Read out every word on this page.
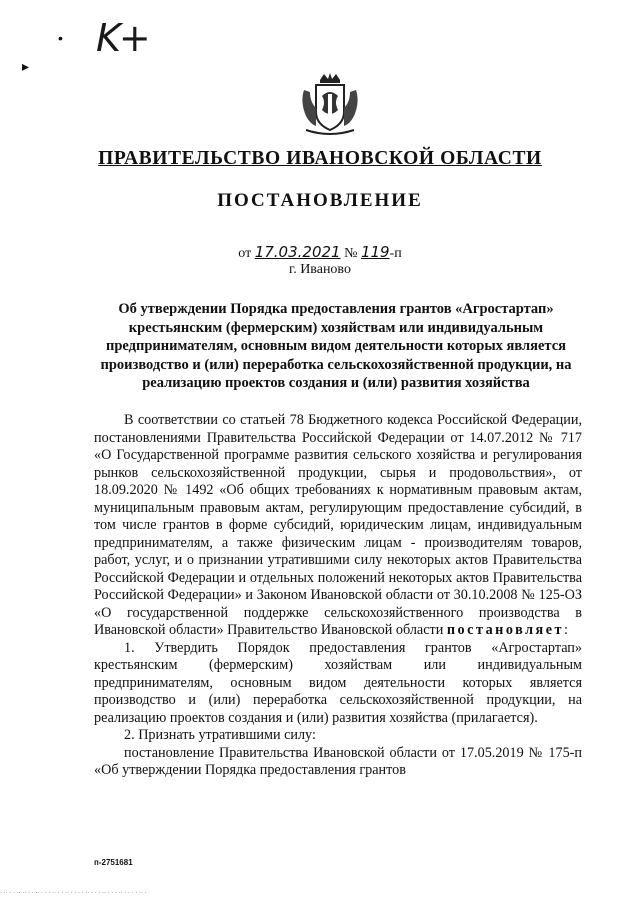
•
▸
K+
ПРАВИТЕЛЬСТВО ИВАНОВСКОЙ ОБЛАСТИ
ПОСТАНОВЛЕНИЕ
от 17.03.2021 № 119-п
г. Иваново
Об утверждении Порядка предоставления грантов «Агростартап» крестьянским (фермерским) хозяйствам или индивидуальным предпринимателям, основным видом деятельности которых является производство и (или) переработка сельскохозяйственной продукции, на реализацию проектов создания и (или) развития хозяйства

В соответствии со статьей 78 Бюджетного кодекса Российской Федерации, постановлениями Правительства Российской Федерации от 14.07.2012 № 717 «О Государственной программе развития сельского хозяйства и регулирования рынков сельскохозяйственной продукции, сырья и продовольствия», от 18.09.2020 № 1492 «Об общих требованиях к нормативным правовым актам, муниципальным правовым актам, регулирующим предоставление субсидий, в том числе грантов в форме субсидий, юридическим лицам, индивидуальным предпринимателям, а также физическим лицам - производителям товаров, работ, услуг, и о признании утратившими силу некоторых актов Правительства Российской Федерации и отдельных положений некоторых актов Правительства Российской Федерации» и Законом Ивановской области от 30.10.2008 № 125-ОЗ «О государственной поддержке сельскохозяйственного производства в Ивановской области» Правительство Ивановской области постановляет:

1. Утвердить Порядок предоставления грантов «Агростартап» крестьянским (фермерским) хозяйствам или индивидуальным предпринимателям, основным видом деятельности которых является производство и (или) переработка сельскохозяйственной продукции, на реализацию проектов создания и (или) развития хозяйства (прилагается).

2. Признать утратившими силу:

постановление Правительства Ивановской области от 17.05.2019 № 175-п «Об утверждении Порядка предоставления грантов

п-2751681
· ·· · · ·· ·· · · ·· · · · ·· · · ·· · · · · ·· · · · ·· · · · ·· · · · · ·· ·
